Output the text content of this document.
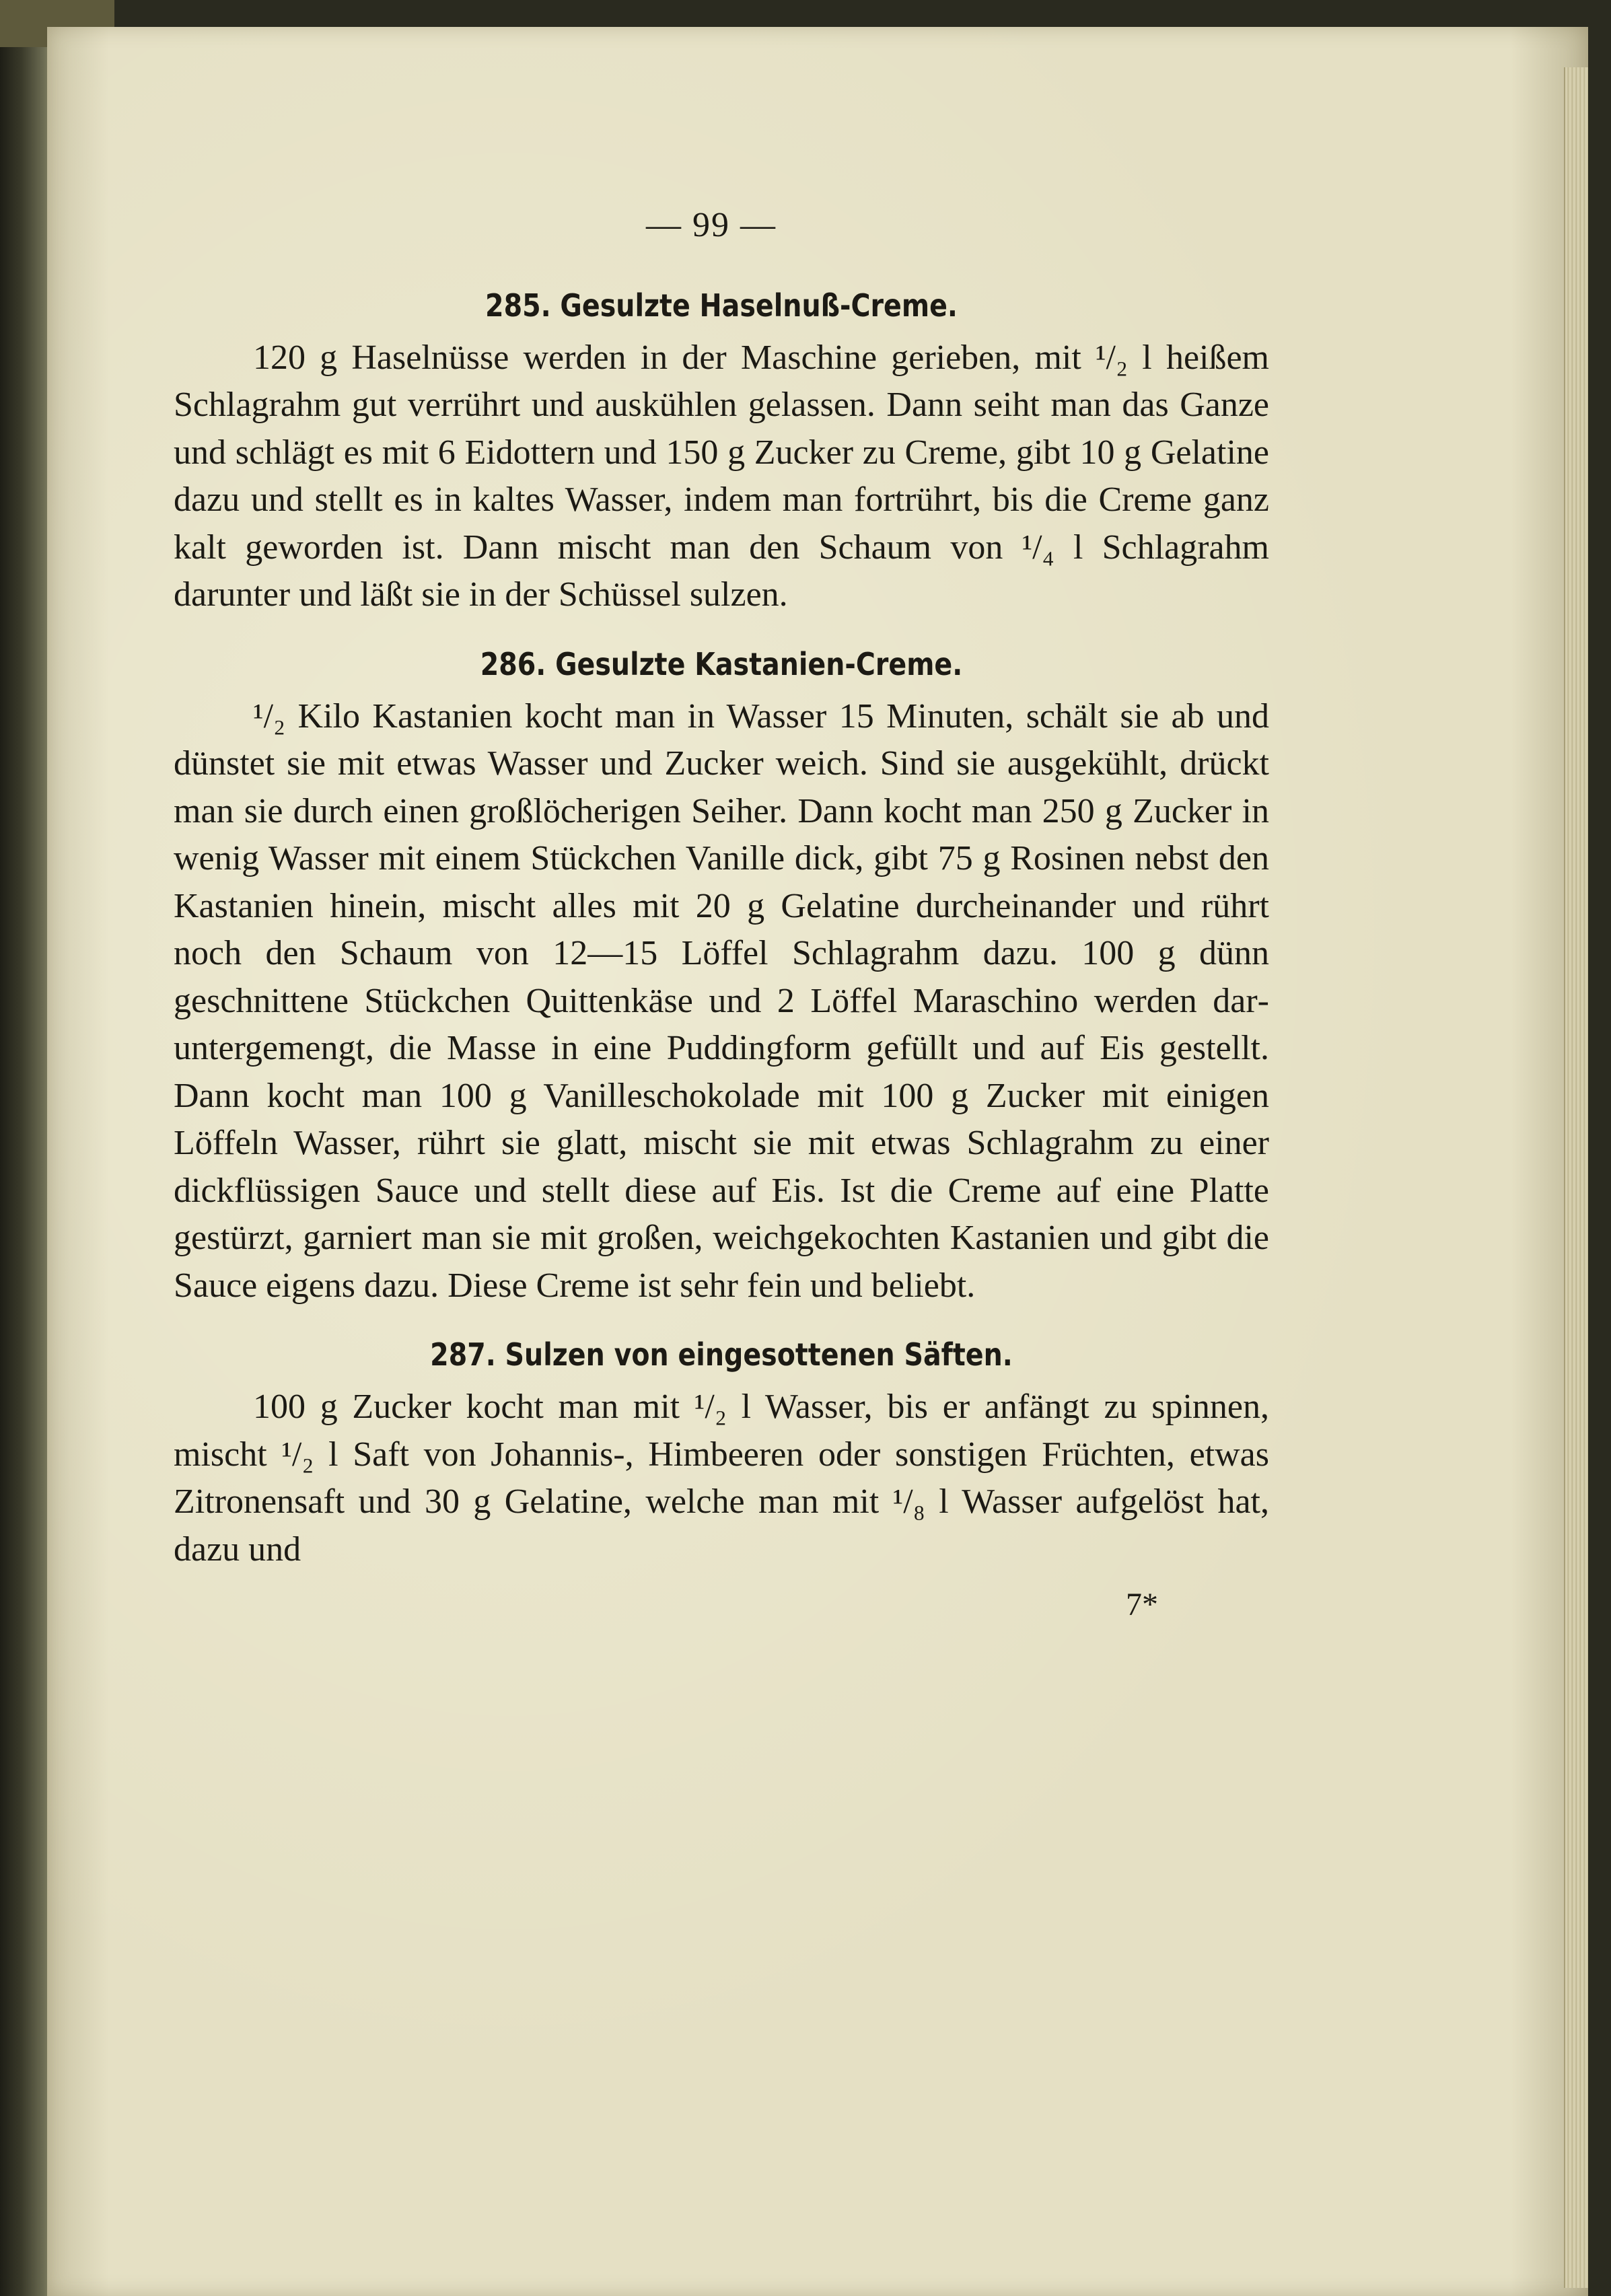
— 99 —
285. Gesulzte Haselnuß-Creme.

120 g Haselnüsse werden in der Maschine gerieben, mit ¹/₂ l heißem Schlagrahm gut verrührt und auskühlen gelassen. Dann seiht man das Ganze und schlägt es mit 6 Eidottern und 150 g Zucker zu Creme, gibt 10 g Gelatine dazu und stellt es in kaltes Wasser, indem man fortrührt, bis die Creme ganz kalt geworden ist. Dann mischt man den Schaum von ¹/₄ l Schlagrahm darunter und läßt sie in der Schüssel sulzen.

286. Gesulzte Kastanien-Creme.

¹/₂ Kilo Kastanien kocht man in Wasser 15 Minuten, schält sie ab und dünstet sie mit etwas Wasser und Zucker weich. Sind sie ausgekühlt, drückt man sie durch einen großlöcherigen Seiher. Dann kocht man 250 g Zucker in wenig Wasser mit einem Stückchen Vanille dick, gibt 75 g Rosinen nebst den Kastanien hinein, mischt alles mit 20 g Gelatine durcheinander und rührt noch den Schaum von 12—15 Löffel Schlagrahm dazu. 100 g dünn geschnittene Stückchen Quittenkäse und 2 Löffel Maraschino werden daruntergemengt, die Masse in eine Puddingform gefüllt und auf Eis gestellt. Dann kocht man 100 g Vanilleschokolade mit 100 g Zucker mit einigen Löffeln Wasser, rührt sie glatt, mischt sie mit etwas Schlagrahm zu einer dickflüssigen Sauce und stellt diese auf Eis. Ist die Creme auf eine Platte gestürzt, garniert man sie mit großen, weichgekochten Kastanien und gibt die Sauce eigens dazu. Diese Creme ist sehr fein und beliebt.

287. Sulzen von eingesottenen Säften.

100 g Zucker kocht man mit ¹/₂ l Wasser, bis er anfängt zu spinnen, mischt ¹/₂ l Saft von Johannis-, Himbeeren oder sonstigen Früchten, etwas Zitronensaft und 30 g Gelatine, welche man mit ¹/₈ l Wasser aufgelöst hat, dazu und

7*
